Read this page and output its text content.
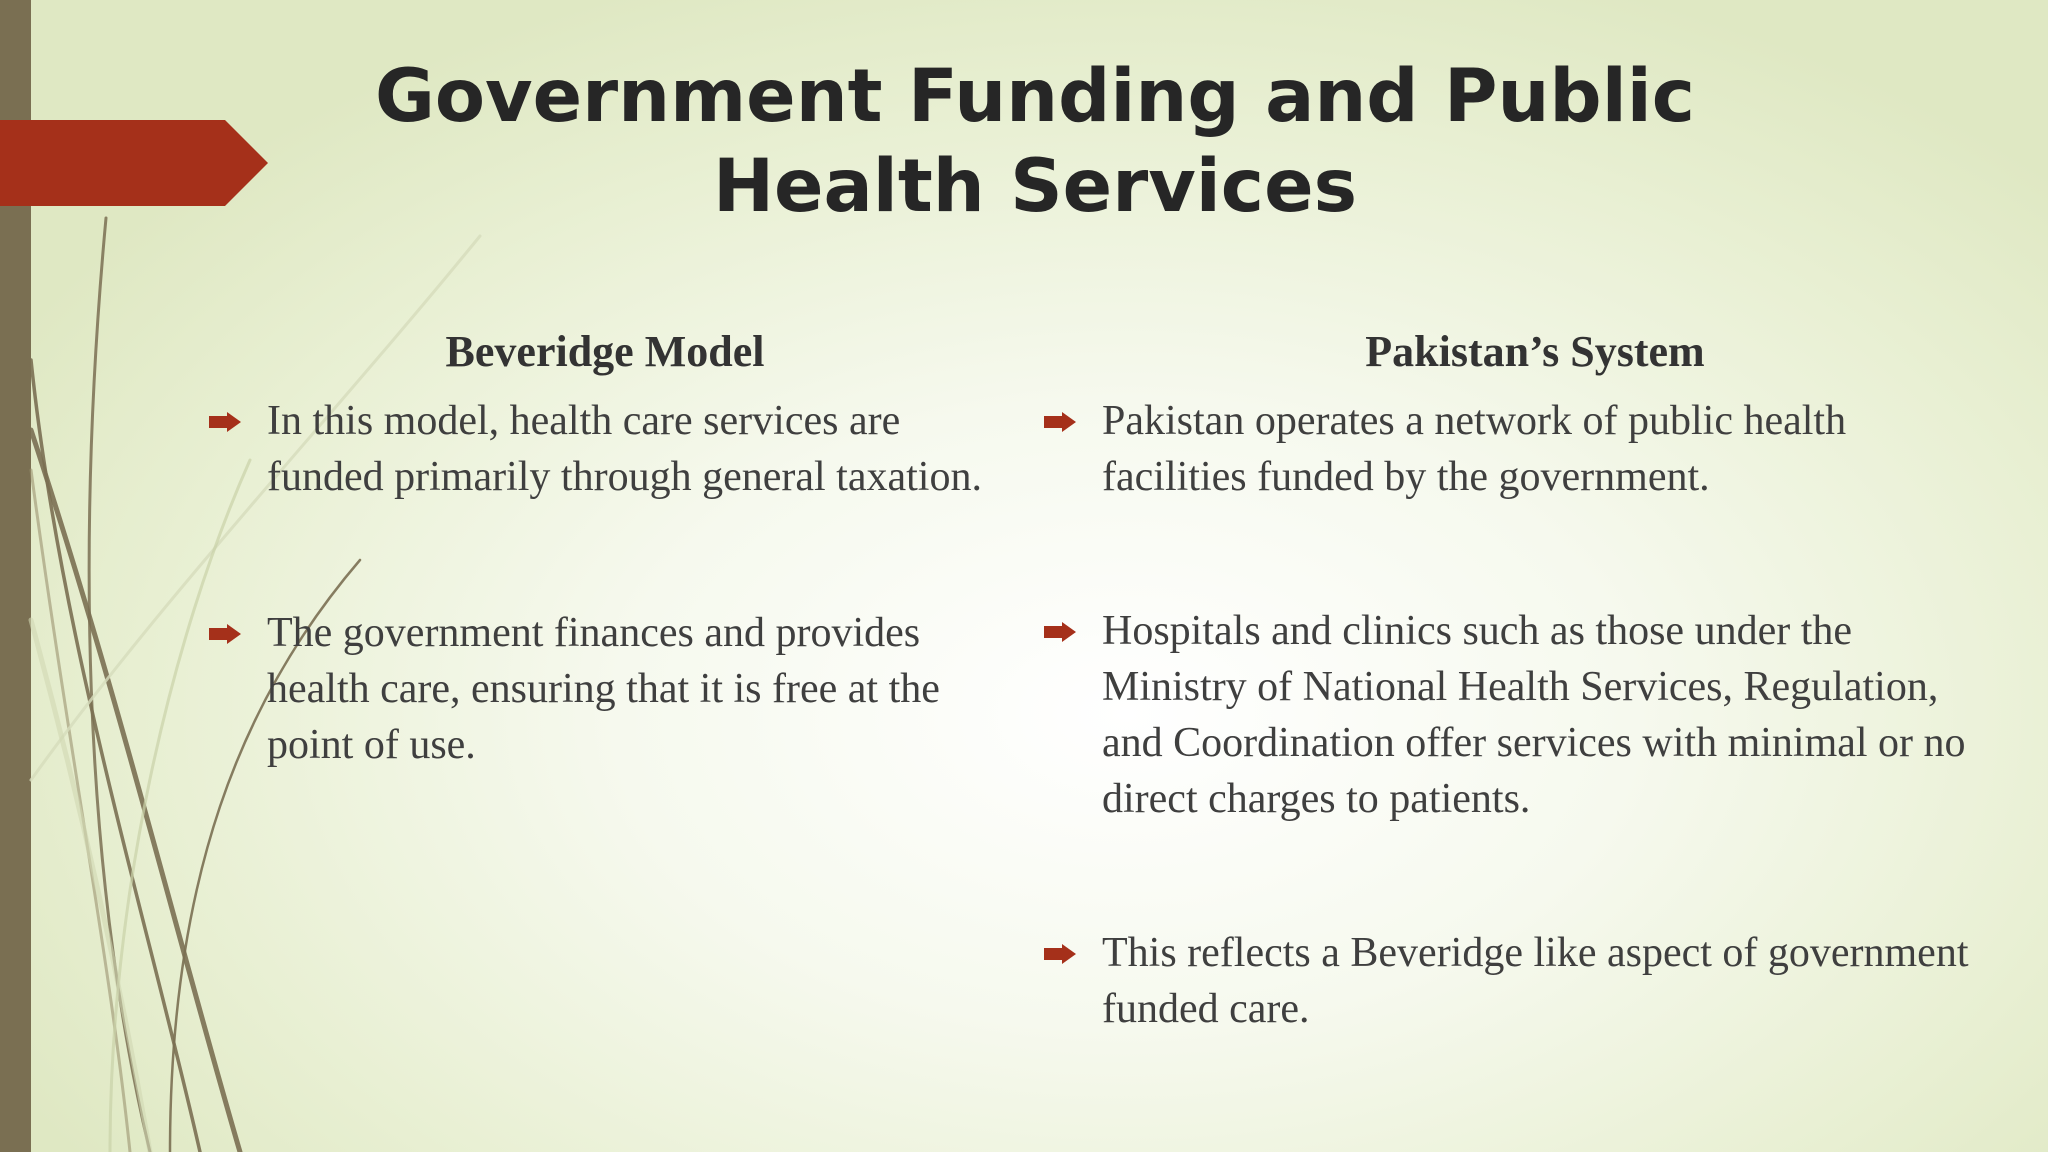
Government Funding and Public Health Services
Beveridge Model
In this model, health care services are funded primarily through general taxation.
The government finances and provides health care, ensuring that it is free at the point of use.
Pakistan’s System
Pakistan operates a network of public health facilities funded by the government.
Hospitals and clinics such as those under the Ministry of National Health Services, Regulation, and Coordination offer services with minimal or no direct charges to patients.
This reflects a Beveridge like aspect of government funded care.
